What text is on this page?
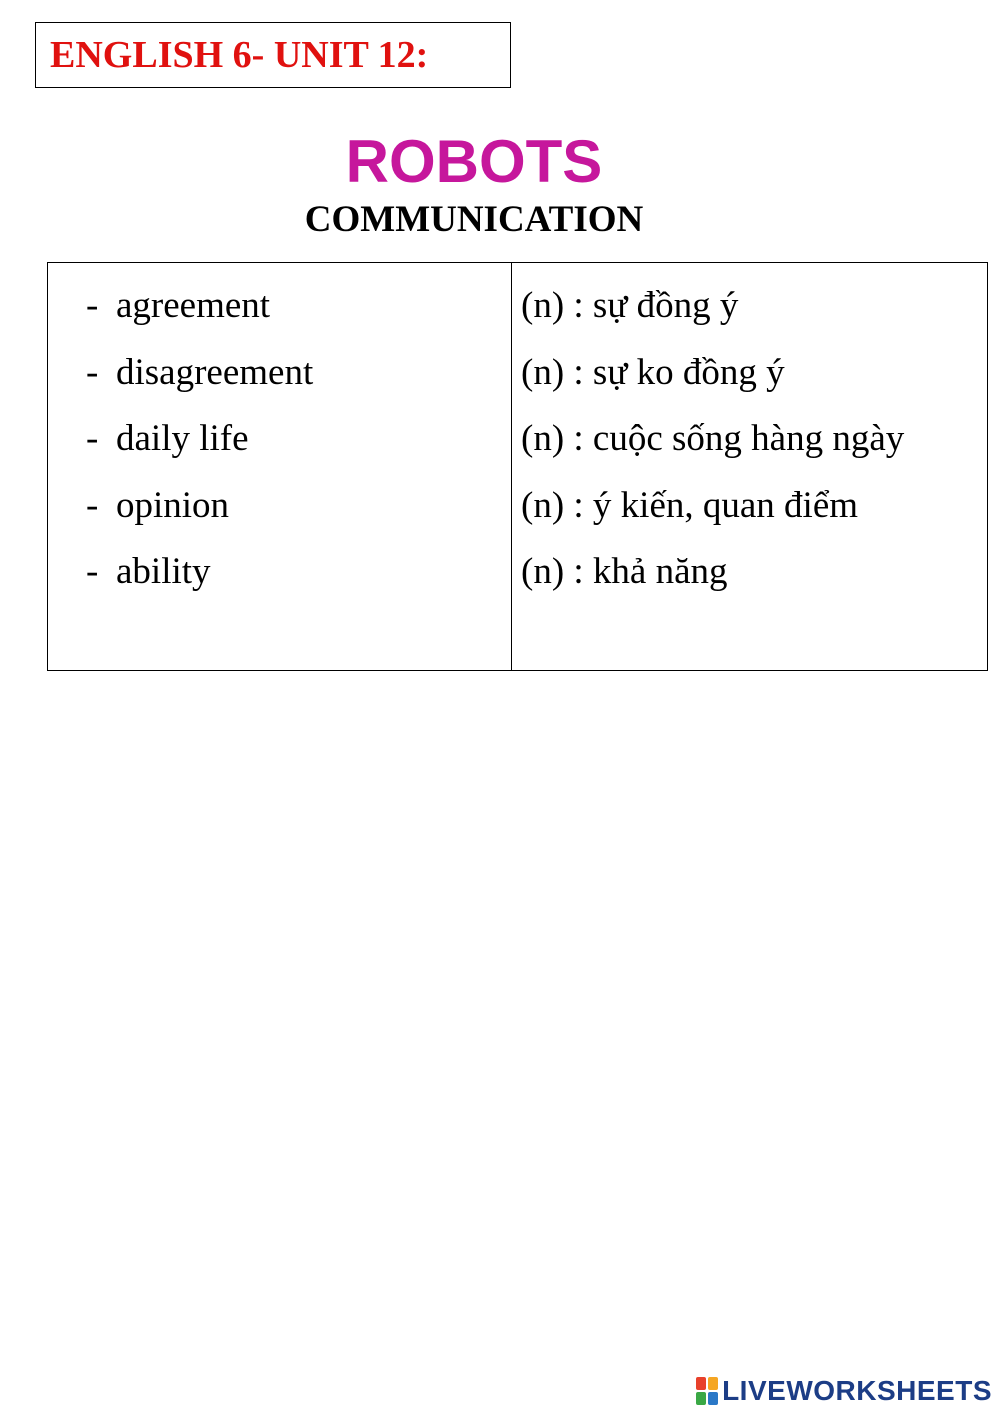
ENGLISH 6- UNIT 12:
ROBOTS
COMMUNICATION
- agreement
- disagreement
- daily life
- opinion
- ability
(n) : sự đồng ý
(n) : sự ko đồng ý
(n) : cuộc sống hàng ngày
(n) : ý kiến, quan điểm
(n) : khả năng
LIVEWORKSHEETS
